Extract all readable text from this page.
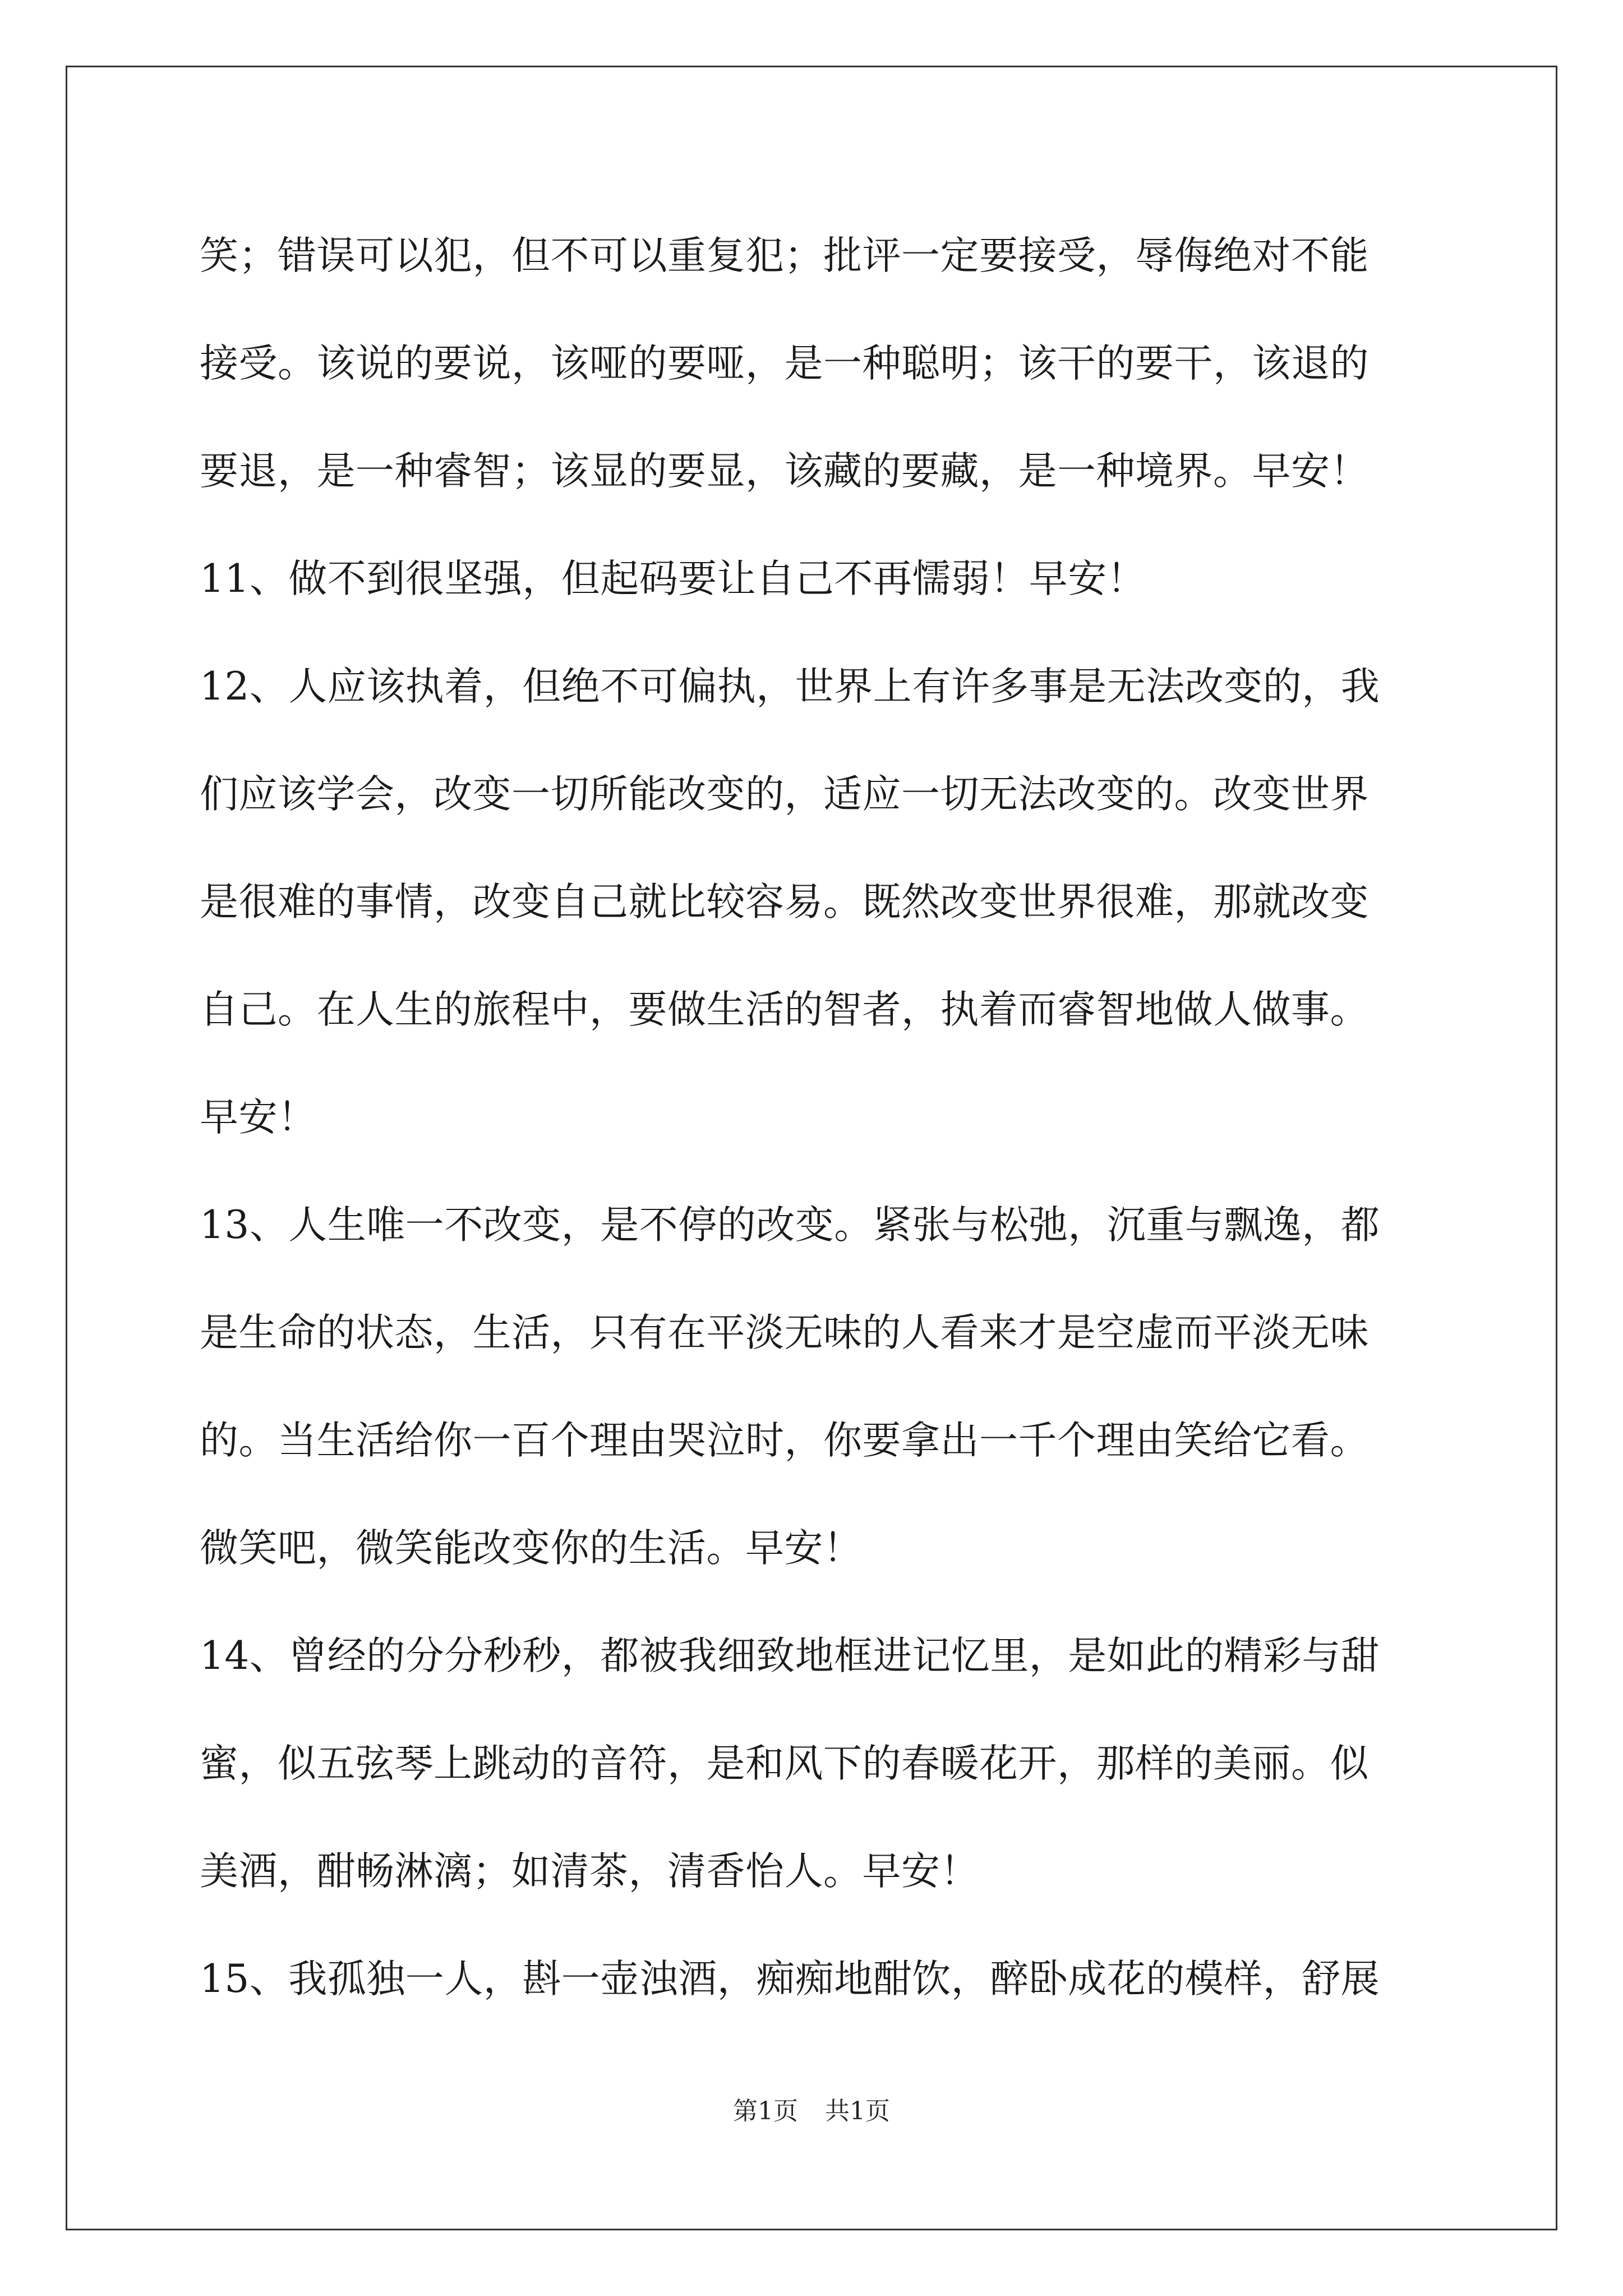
笑；错误可以犯，但不可以重复犯；批评一定要接受，辱侮绝对不能
接受。该说的要说，该哑的要哑，是一种聪明；该干的要干，该退的
要退，是一种睿智；该显的要显，该藏的要藏，是一种境界。早安！
11、做不到很坚强，但起码要让自己不再懦弱！早安！
12、人应该执着，但绝不可偏执，世界上有许多事是无法改变的，我
们应该学会，改变一切所能改变的，适应一切无法改变的。改变世界
是很难的事情，改变自己就比较容易。既然改变世界很难，那就改变
自己。在人生的旅程中，要做生活的智者，执着而睿智地做人做事。
早安！
13、人生唯一不改变，是不停的改变。紧张与松弛，沉重与飘逸，都
是生命的状态，生活，只有在平淡无味的人看来才是空虚而平淡无味
的。当生活给你一百个理由哭泣时，你要拿出一千个理由笑给它看。
微笑吧，微笑能改变你的生活。早安！
14、曾经的分分秒秒，都被我细致地框进记忆里，是如此的精彩与甜
蜜，似五弦琴上跳动的音符，是和风下的春暖花开，那样的美丽。似
美酒，酣畅淋漓；如清茶，清香怡人。早安！
15、我孤独一人，斟一壶浊酒，痴痴地酣饮，醉卧成花的模样，舒展
第1页 共1页
